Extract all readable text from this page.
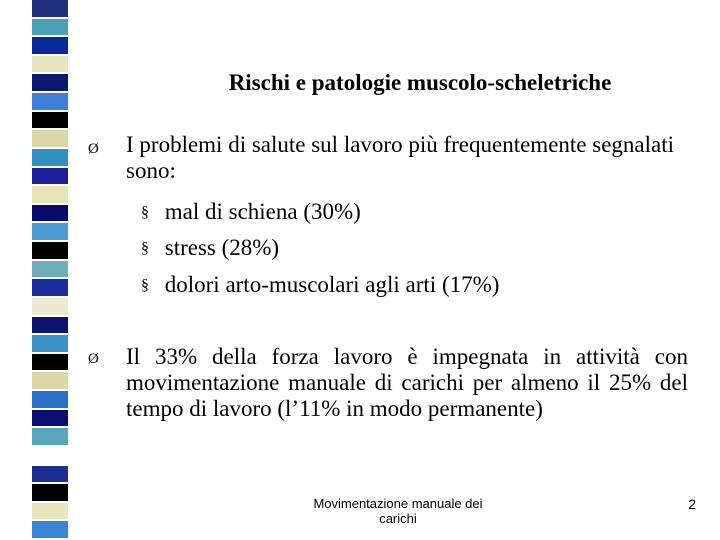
Rischi e patologie muscolo-scheletriche
Ø I problemi di salute sul lavoro più frequentemente segnalati sono:
§ mal di schiena (30%)
§ stress (28%)
§ dolori arto-muscolari agli arti (17%)
Ø Il 33% della forza lavoro è impegnata in attività con movimentazione manuale di carichi per almeno il 25% del tempo di lavoro (l’11% in modo permanente)
Movimentazione manuale dei carichi
2
